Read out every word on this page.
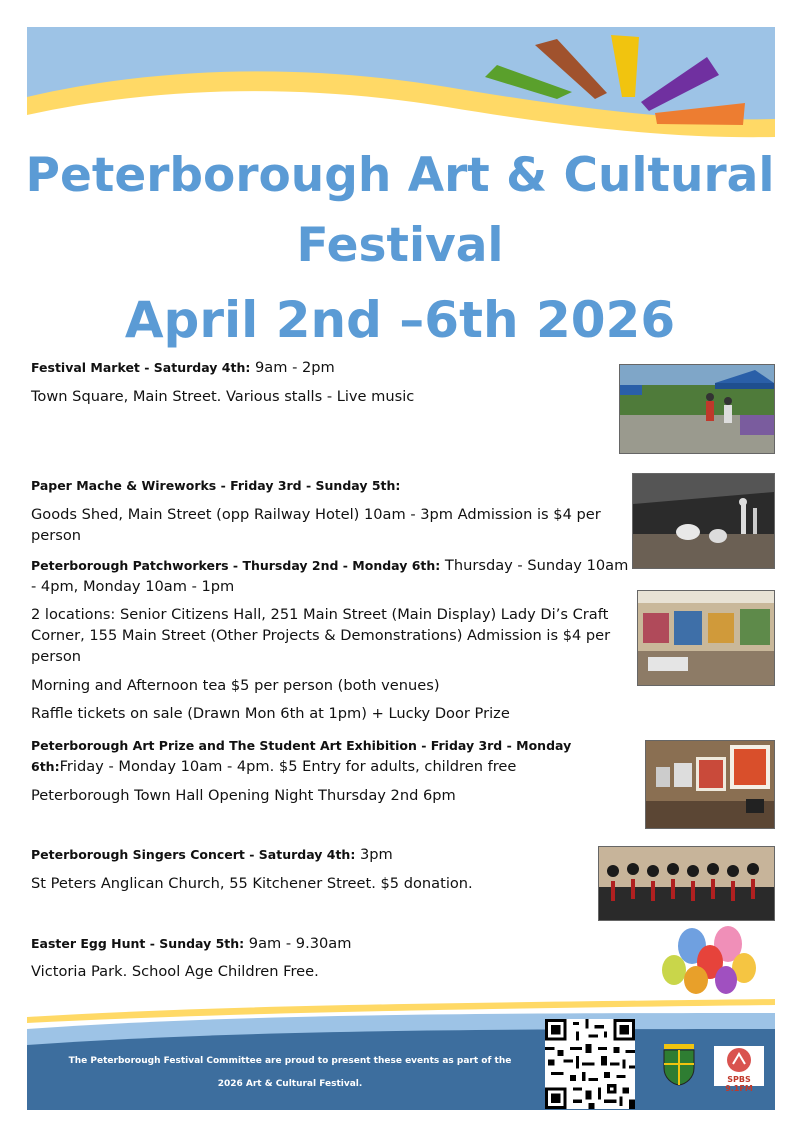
Peterborough Art & Cultural
Festival
April 2nd –6th 2026
Festival Market - Saturday 4th: 9am - 2pm
Town Square, Main Street. Various stalls - Live music
Paper Mache & Wireworks - Friday 3rd - Sunday 5th:
Goods Shed, Main Street (opp Railway Hotel) 10am - 3pm Admission is $4 per person
Peterborough Patchworkers - Thursday 2nd - Monday 6th: Thursday - Sunday 10am - 4pm, Monday 10am - 1pm
2 locations: Senior Citizens Hall, 251 Main Street (Main Display) Lady Di’s Craft Corner, 155 Main Street (Other Projects & Demonstrations) Admission is $4 per person
Morning and Afternoon tea $5 per person (both venues)
Raffle tickets on sale (Drawn Mon 6th at 1pm) + Lucky Door Prize
Peterborough Art Prize and The Student Art Exhibition - Friday 3rd - Monday 6th:Friday - Monday 10am - 4pm. $5 Entry for adults, children free
Peterborough Town Hall Opening Night Thursday 2nd 6pm
Peterborough Singers Concert - Saturday 4th: 3pm
St Peters Anglican Church, 55 Kitchener Street. $5 donation.
Easter Egg Hunt - Sunday 5th: 9am - 9.30am
Victoria Park. School Age Children Free.
The Peterborough Festival Committee are proud to present these events as part of the
2026 Art & Cultural Festival.	SPBS 9.1FM
